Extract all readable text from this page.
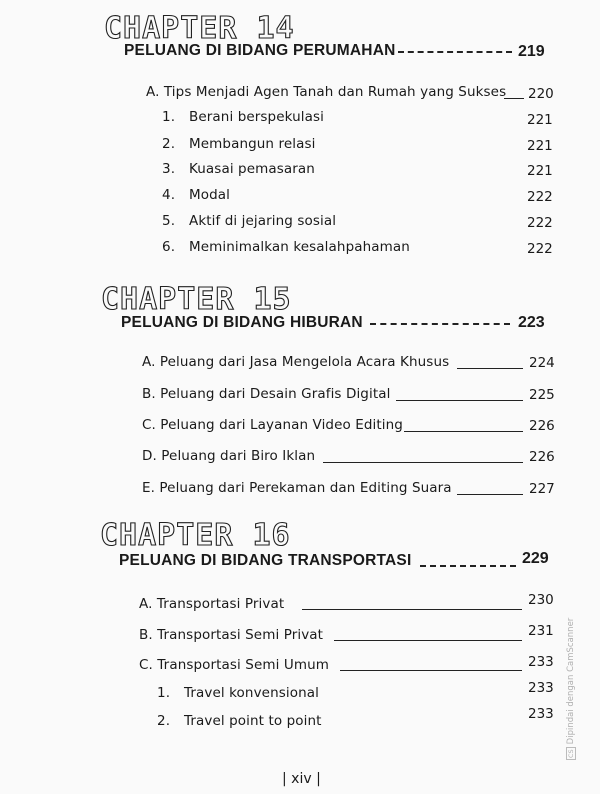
CHAPTER 14
PELUANG DI BIDANG PERUMAHAN	219
A. Tips Menjadi Agen Tanah dan Rumah yang Sukses 220
1. Berani berspekulasi	221
2. Membangun relasi	221
3. Kuasai pemasaran	221
4. Modal	222
5. Aktif di jejaring sosial	222
6. Meminimalkan kesalahpahaman	222
CHAPTER 15
PELUANG DI BIDANG HIBURAN	223
A. Peluang dari Jasa Mengelola Acara Khusus	224
B. Peluang dari Desain Grafis Digital	225
C. Peluang dari Layanan Video Editing	226
D. Peluang dari Biro Iklan	226
E. Peluang dari Perekaman dan Editing Suara	227
CHAPTER 16
PELUANG DI BIDANG TRANSPORTASI	229
A. Transportasi Privat	230
B. Transportasi Semi Privat	231
C. Transportasi Semi Umum	233
1. Travel konvensional	233
2. Travel point to point	233
| xiv |
CSDipindai dengan CamScanner
